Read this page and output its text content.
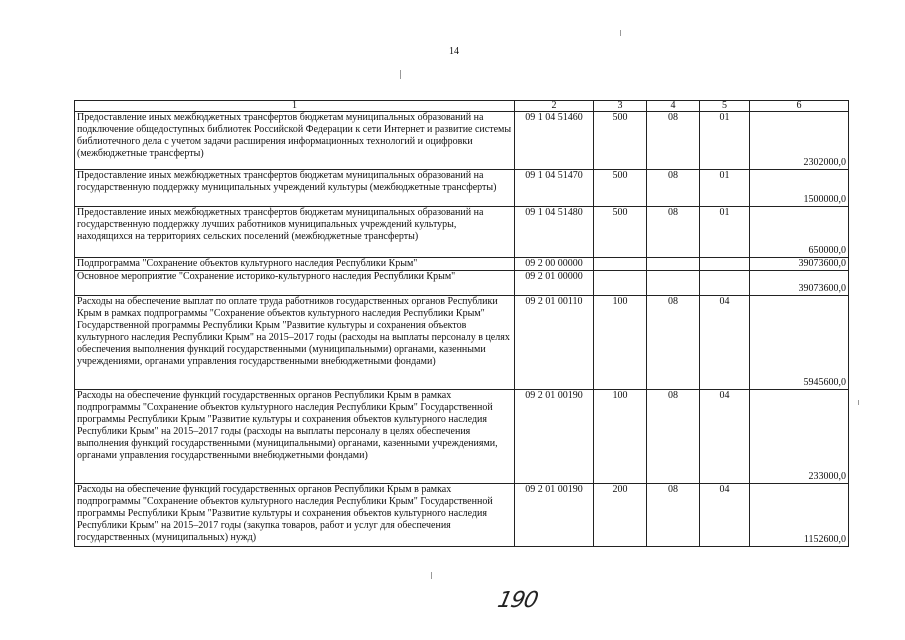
14
1	2	3	4	5	6
Предоставление иных межбюджетных трансфертов бюджетам муниципальных образований на подключение общедоступных библиотек Российской Федерации к сети Интернет и развитие системы библиотечного дела с учетом задачи расширения информационных технологий и оцифровки (межбюджетные трансферты)	09 1 04 51460	500	08	01	2302000,0
Предоставление иных межбюджетных трансфертов бюджетам муниципальных образований на государственную поддержку муниципальных учреждений культуры (межбюджетные трансферты)	09 1 04 51470	500	08	01	1500000,0
Предоставление иных межбюджетных трансфертов бюджетам муниципальных образований на государственную поддержку лучших работников муниципальных учреждений культуры, находящихся на территориях сельских поселений (межбюджетные трансферты)	09 1 04 51480	500	08	01	650000,0
Подпрограмма "Сохранение объектов культурного наследия Республики Крым"	09 2 00 00000				39073600,0
Основное мероприятие "Сохранение историко-культурного наследия Республики Крым"	09 2 01 00000				39073600,0
Расходы на обеспечение выплат по оплате труда работников государственных органов Республики Крым в рамках подпрограммы "Сохранение объектов культурного наследия Республики Крым" Государственной программы Республики Крым "Развитие культуры и сохранения объектов культурного наследия Республики Крым" на 2015–2017 годы (расходы на выплаты персоналу в целях обеспечения выполнения функций государственными (муниципальными) органами, казенными учреждениями, органами управления государственными внебюджетными фондами)	09 2 01 00110	100	08	04	5945600,0
Расходы на обеспечение функций государственных органов Республики Крым в рамках подпрограммы "Сохранение объектов культурного наследия Республики Крым" Государственной программы Республики Крым "Развитие культуры и сохранения объектов культурного наследия Республики Крым" на 2015–2017 годы (расходы на выплаты персоналу в целях обеспечения выполнения функций государственными (муниципальными) органами, казенными учреждениями, органами управления государственными внебюджетными фондами)	09 2 01 00190	100	08	04	233000,0
Расходы на обеспечение функций государственных органов Республики Крым в рамках подпрограммы "Сохранение объектов культурного наследия Республики Крым" Государственной программы Республики Крым "Развитие культуры и сохранения объектов культурного наследия Республики Крым" на 2015–2017 годы (закупка товаров, работ и услуг для обеспечения государственных (муниципальных) нужд)	09 2 01 00190	200	08	04	1152600,0
190
